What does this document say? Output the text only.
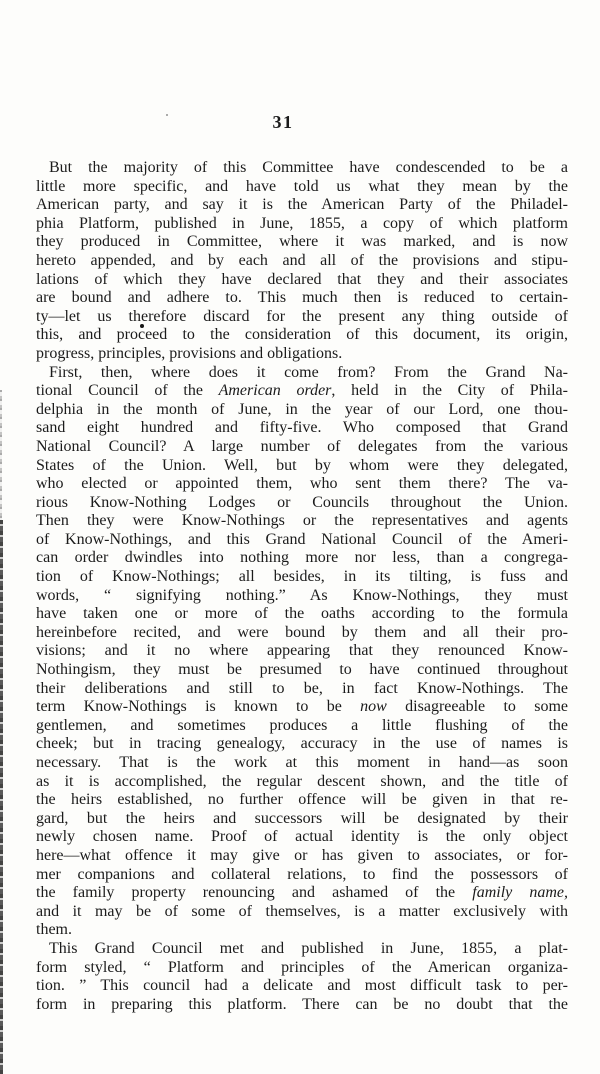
31
But the majority of this Committee have condescended to be a
little more specific, and have told us what they mean by the
American party, and say it is the American Party of the Philadel-
phia Platform, published in June, 1855, a copy of which platform
they produced in Committee, where it was marked, and is now
hereto appended, and by each and all of the provisions and stipu-
lations of which they have declared that they and their associates
are bound and adhere to. This much then is reduced to certain-
ty—let us therefore discard for the present any thing outside of
this, and proceed to the consideration of this document, its origin,
progress, principles, provisions and obligations.
First, then, where does it come from? From the Grand Na-
tional Council of the American order, held in the City of Phila-
delphia in the month of June, in the year of our Lord, one thou-
sand eight hundred and fifty-five. Who composed that Grand
National Council? A large number of delegates from the various
States of the Union. Well, but by whom were they delegated,
who elected or appointed them, who sent them there? The va-
rious Know-Nothing Lodges or Councils throughout the Union.
Then they were Know-Nothings or the representatives and agents
of Know-Nothings, and this Grand National Council of the Ameri-
can order dwindles into nothing more nor less, than a congrega-
tion of Know-Nothings; all besides, in its tilting, is fuss and
words, “ signifying nothing.” As Know-Nothings, they must
have taken one or more of the oaths according to the formula
hereinbefore recited, and were bound by them and all their pro-
visions; and it no where appearing that they renounced Know-
Nothingism, they must be presumed to have continued throughout
their deliberations and still to be, in fact Know-Nothings. The
term Know-Nothings is known to be now disagreeable to some
gentlemen, and sometimes produces a little flushing of the
cheek; but in tracing genealogy, accuracy in the use of names is
necessary. That is the work at this moment in hand—as soon
as it is accomplished, the regular descent shown, and the title of
the heirs established, no further offence will be given in that re-
gard, but the heirs and successors will be designated by their
newly chosen name. Proof of actual identity is the only object
here—what offence it may give or has given to associates, or for-
mer companions and collateral relations, to find the possessors of
the family property renouncing and ashamed of the family name,
and it may be of some of themselves, is a matter exclusively with
them.
This Grand Council met and published in June, 1855, a plat-
form styled, “ Platform and principles of the American organiza-
tion. ” This council had a delicate and most difficult task to per-
form in preparing this platform. There can be no doubt that the
